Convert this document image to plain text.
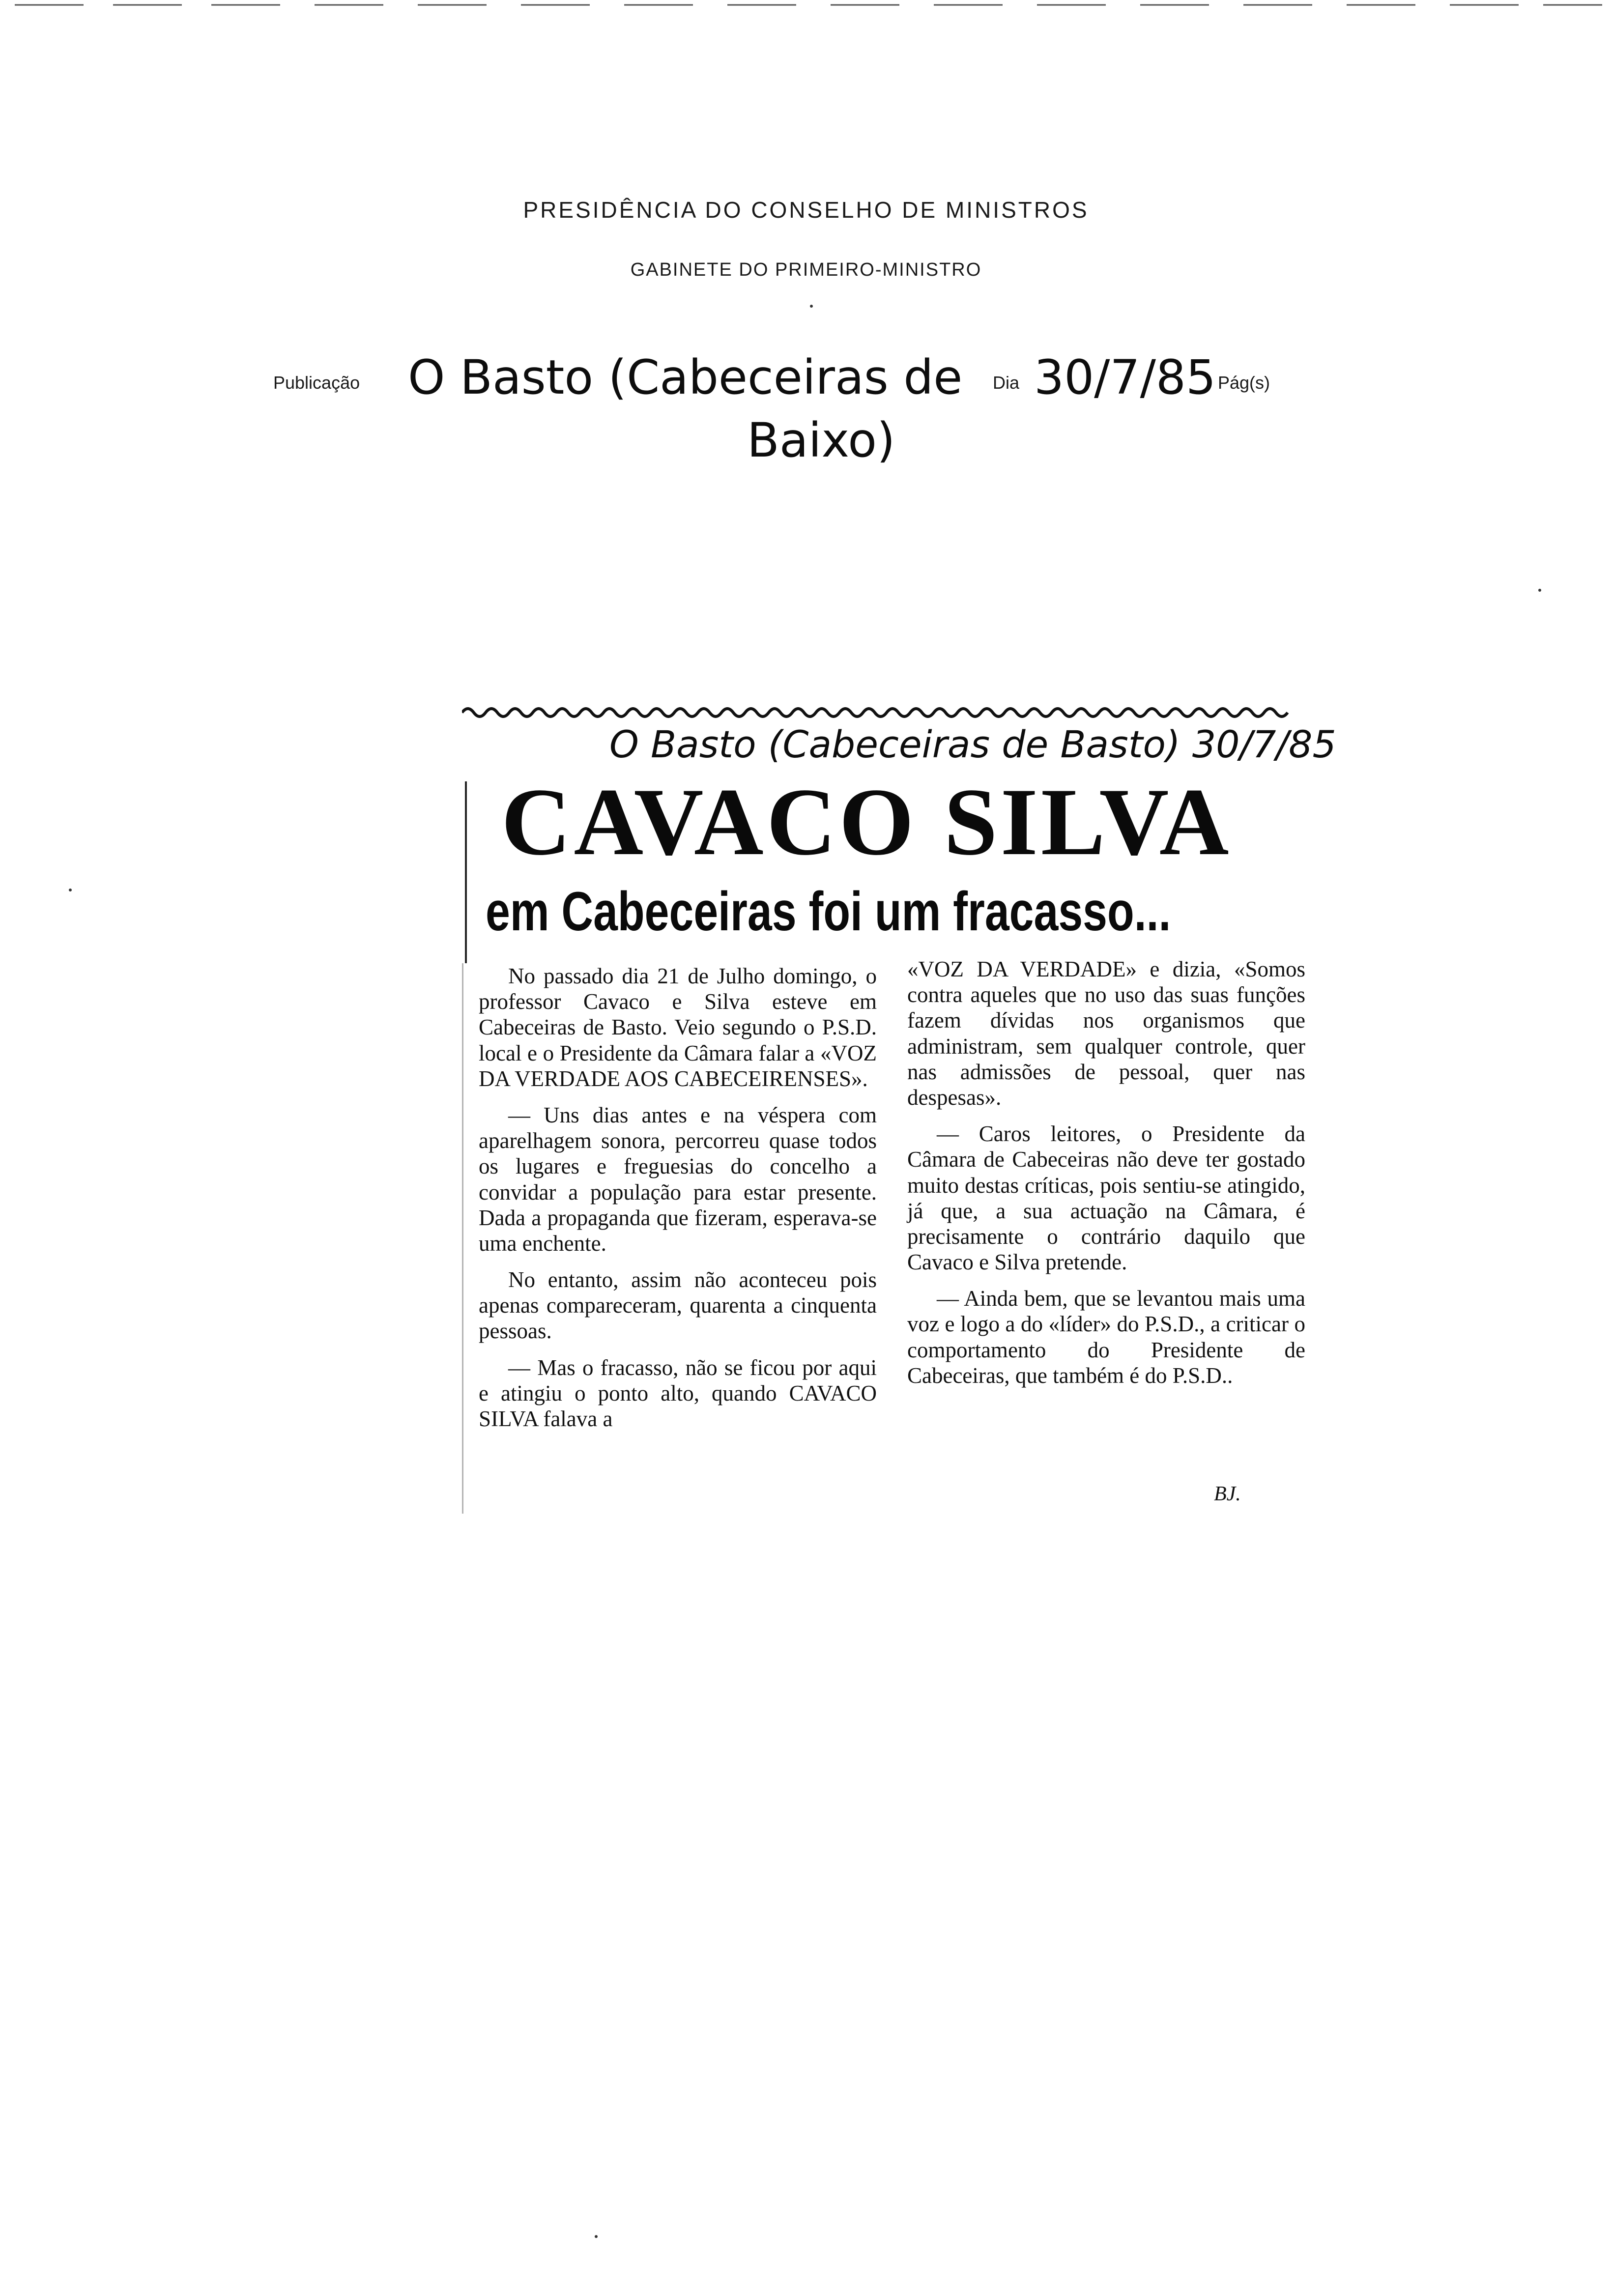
PRESIDÊNCIA DO CONSELHO DE MINISTROS
GABINETE DO PRIMEIRO-MINISTRO
Publicação O Basto (Cabeceiras de Dia 30/7/85 Pág(s)
Baixo)
O Basto (Cabeceiras de Basto) 30/7/85
CAVACO SILVA
em Cabeceiras foi um fracasso...

No passado dia 21 de Julho domingo, o professor Cavaco e Silva esteve em Cabeceiras de Basto. Veio segundo o P.S.D. local e o Presidente da Câmara falar a «VOZ DA VERDADE AOS CABECEIRENSES».

— Uns dias antes e na véspera com aparelhagem sonora, percorreu quase todos os lugares e freguesias do concelho a convidar a população para estar presente. Dada a propaganda que fizeram, esperava-se uma enchente.

No entanto, assim não aconteceu pois apenas compareceram, quarenta a cinquenta pessoas.

— Mas o fracasso, não se ficou por aqui e atingiu o ponto alto, quando CAVACO SILVA falava a

«VOZ DA VERDADE» e dizia, «Somos contra aqueles que no uso das suas funções fazem dívidas nos organismos que administram, sem qualquer controle, quer nas admissões de pessoal, quer nas despesas».

— Caros leitores, o Presidente da Câmara de Cabeceiras não deve ter gostado muito destas críticas, pois sentiu-se atingido, já que, a sua actuação na Câmara, é precisamente o contrário daquilo que Cavaco e Silva pretende.

— Ainda bem, que se levantou mais uma voz e logo a do «líder» do P.S.D., a criticar o comportamento do Presidente de Cabeceiras, que também é do P.S.D..

BJ.
